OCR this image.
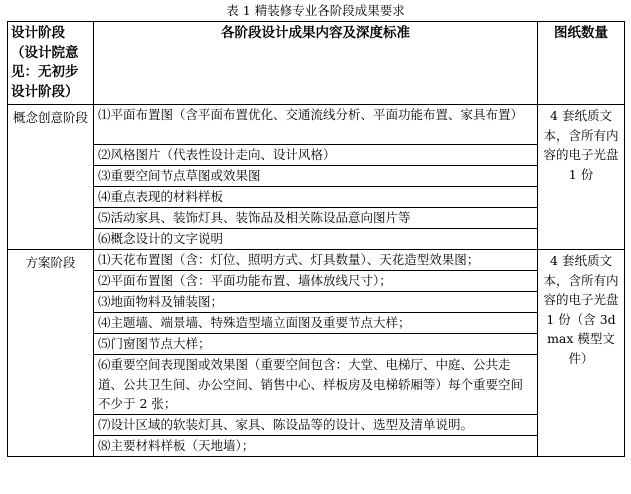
表 1 精装修专业各阶段成果要求
设计阶段（设计院意见：无初步设计阶段）	各阶段设计成果内容及深度标准	图纸数量
概念创意阶段	⑴平面布置图（含平面布置优化、交通流线分析、平面功能布置、家具布置）	4 套纸质文本，含所有内容的电子光盘 1 份
	⑵风格图片（代表性设计走向、设计风格）	
	⑶重要空间节点草图或效果图	
	⑷重点表现的材料样板	
	⑸活动家具、装饰灯具、装饰品及相关陈设品意向图片等	
	⑹概念设计的文字说明	
方案阶段	⑴天花布置图（含：灯位、照明方式、灯具数量）、天花造型效果图；	4 套纸质文本，含所有内容的电子光盘 1 份（含 3d max 模型文件）
	⑵平面布置图（含：平面功能布置、墙体放线尺寸）；	
	⑶地面物料及铺装图；	
	⑷主题墙、端景墙、特殊造型墙立面图及重要节点大样；	
	⑸门窗图节点大样；	
	⑹重要空间表现图或效果图（重要空间包含：大堂、电梯厅、中庭、公共走道、公共卫生间、办公空间、销售中心、样板房及电梯轿厢等）每个重要空间不少于 2 张；	
	⑺设计区域的软装灯具、家具、陈设品等的设计、选型及清单说明。	
	⑻主要材料样板（天地墙）；	
